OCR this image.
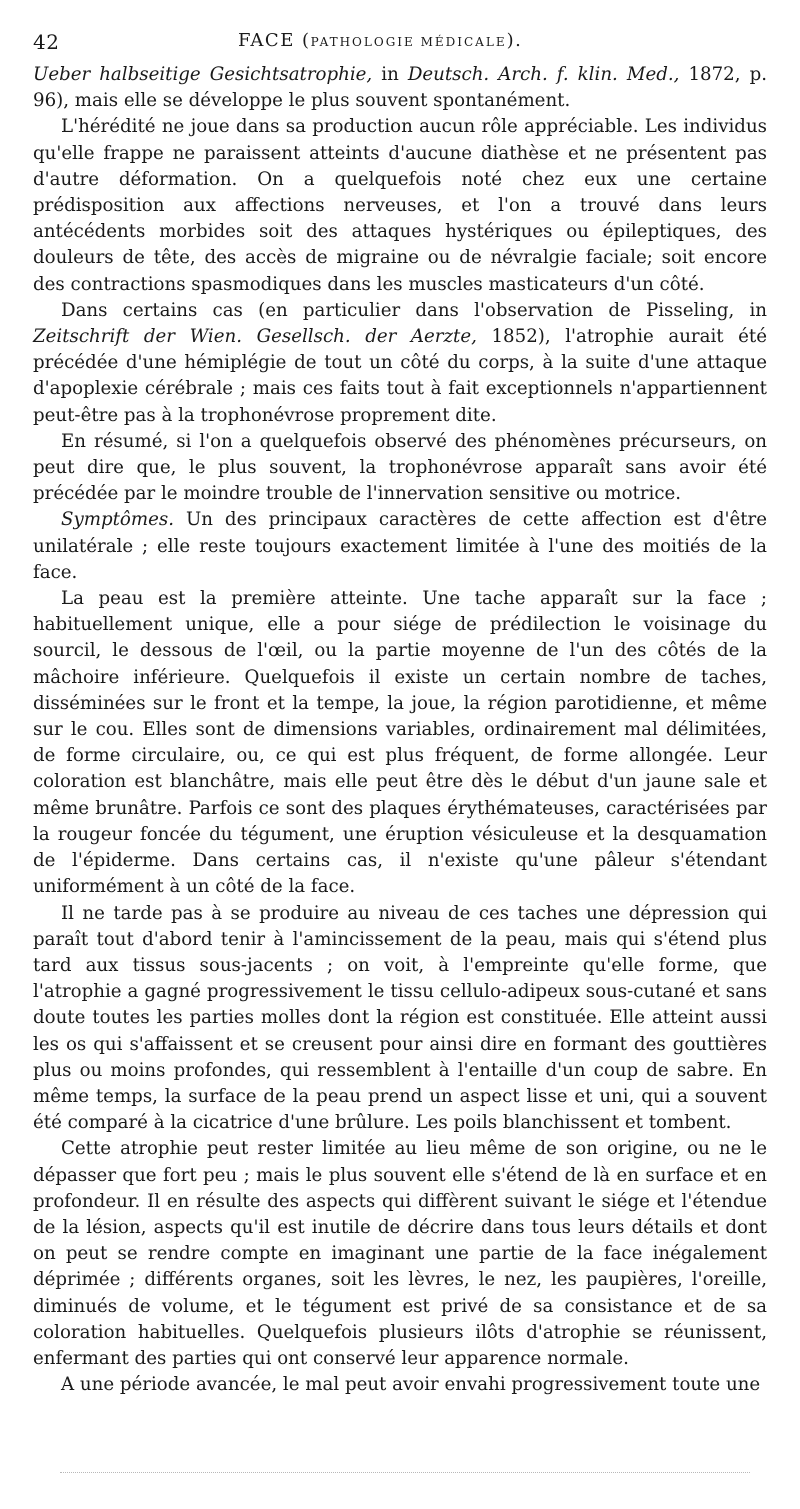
42	FACE (PATHOLOGIE MÉDICALE).

Ueber halbseitige Gesichtsatrophie, in Deutsch. Arch. f. klin. Med., 1872, p. 96), mais elle se développe le plus souvent spontanément.

L'hérédité ne joue dans sa production aucun rôle appréciable. Les individus qu'elle frappe ne paraissent atteints d'aucune diathèse et ne présentent pas d'autre déformation. On a quelquefois noté chez eux une certaine prédisposition aux affections nerveuses, et l'on a trouvé dans leurs antécédents morbides soit des attaques hystériques ou épileptiques, des douleurs de tête, des accès de migraine ou de névralgie faciale; soit encore des contractions spasmodiques dans les muscles masticateurs d'un côté.

Dans certains cas (en particulier dans l'observation de Pisseling, in Zeitschrift der Wien. Gesellsch. der Aerzte, 1852), l'atrophie aurait été précédée d'une hémiplégie de tout un côté du corps, à la suite d'une attaque d'apoplexie cérébrale ; mais ces faits tout à fait exceptionnels n'appartiennent peut-être pas à la trophonévrose proprement dite.

En résumé, si l'on a quelquefois observé des phénomènes précurseurs, on peut dire que, le plus souvent, la trophonévrose apparaît sans avoir été précédée par le moindre trouble de l'innervation sensitive ou motrice.

Symptômes. Un des principaux caractères de cette affection est d'être unilatérale ; elle reste toujours exactement limitée à l'une des moitiés de la face.

La peau est la première atteinte. Une tache apparaît sur la face ; habituellement unique, elle a pour siége de prédilection le voisinage du sourcil, le dessous de l'œil, ou la partie moyenne de l'un des côtés de la mâchoire inférieure. Quelquefois il existe un certain nombre de taches, disséminées sur le front et la tempe, la joue, la région parotidienne, et même sur le cou. Elles sont de dimensions variables, ordinairement mal délimitées, de forme circulaire, ou, ce qui est plus fréquent, de forme allongée. Leur coloration est blanchâtre, mais elle peut être dès le début d'un jaune sale et même brunâtre. Parfois ce sont des plaques érythémateuses, caractérisées par la rougeur foncée du tégument, une éruption vésiculeuse et la desquamation de l'épiderme. Dans certains cas, il n'existe qu'une pâleur s'étendant uniformément à un côté de la face.

Il ne tarde pas à se produire au niveau de ces taches une dépression qui paraît tout d'abord tenir à l'amincissement de la peau, mais qui s'étend plus tard aux tissus sous-jacents ; on voit, à l'empreinte qu'elle forme, que l'atrophie a gagné progressivement le tissu cellulo-adipeux sous-cutané et sans doute toutes les parties molles dont la région est constituée. Elle atteint aussi les os qui s'affaissent et se creusent pour ainsi dire en formant des gouttières plus ou moins profondes, qui ressemblent à l'entaille d'un coup de sabre. En même temps, la surface de la peau prend un aspect lisse et uni, qui a souvent été comparé à la cicatrice d'une brûlure. Les poils blanchissent et tombent.

Cette atrophie peut rester limitée au lieu même de son origine, ou ne le dépasser que fort peu ; mais le plus souvent elle s'étend de là en surface et en profondeur. Il en résulte des aspects qui diffèrent suivant le siége et l'étendue de la lésion, aspects qu'il est inutile de décrire dans tous leurs détails et dont on peut se rendre compte en imaginant une partie de la face inégalement déprimée ; différents organes, soit les lèvres, le nez, les paupières, l'oreille, diminués de volume, et le tégument est privé de sa consistance et de sa coloration habituelles. Quelquefois plusieurs ilôts d'atrophie se réunissent, enfermant des parties qui ont conservé leur apparence normale.

A une période avancée, le mal peut avoir envahi progressivement toute une
